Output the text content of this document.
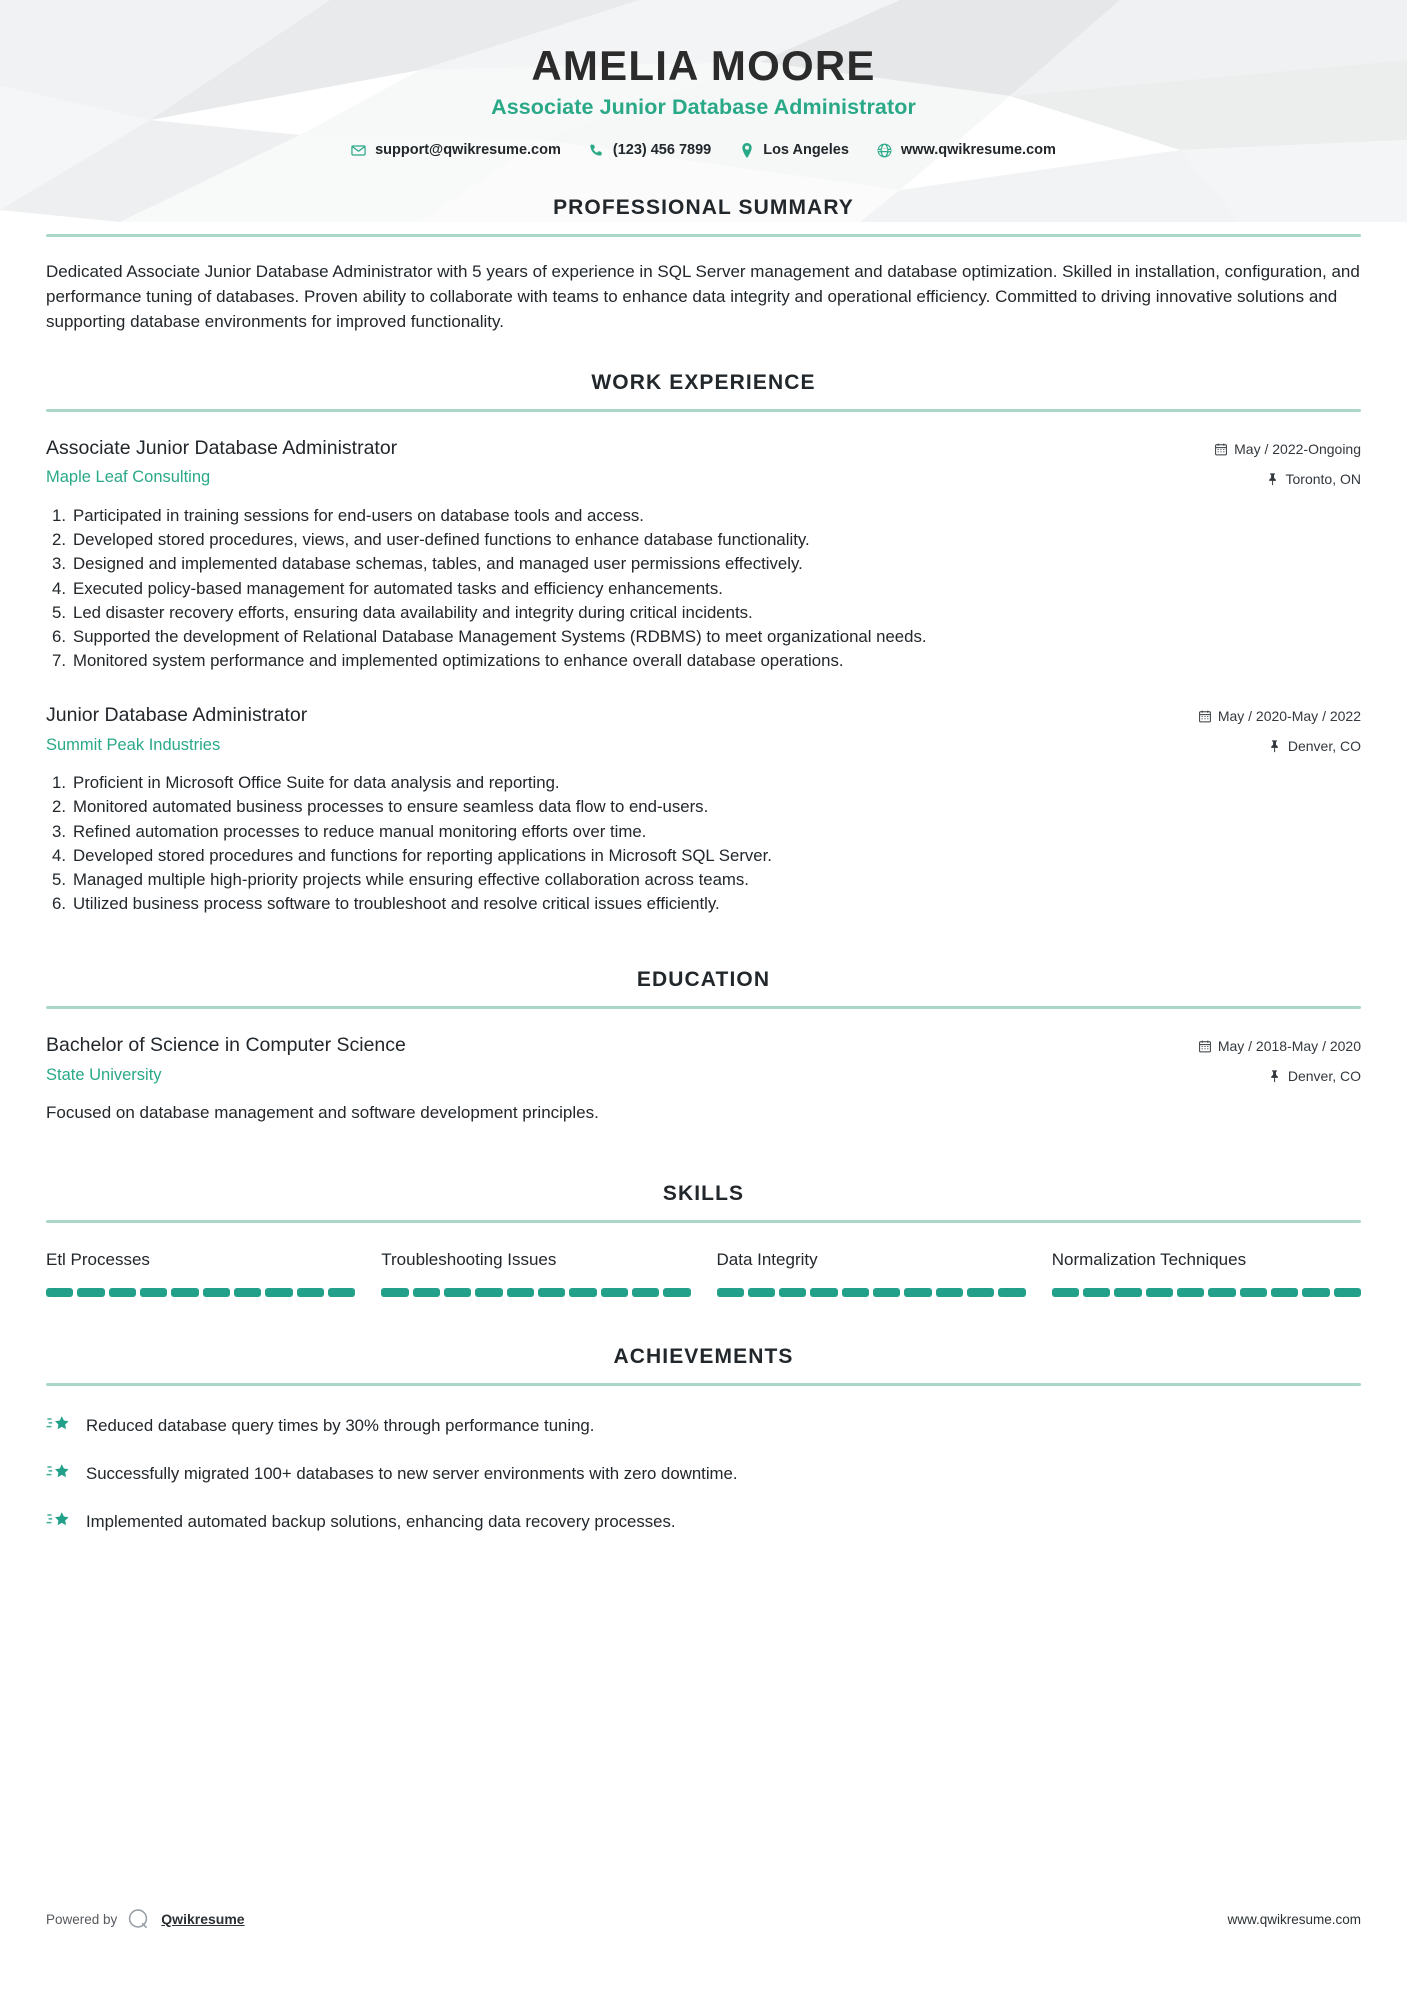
AMELIA MOORE
Associate Junior Database Administrator
support@qwikresume.com	(123) 456 7899	Los Angeles	www.qwikresume.com
PROFESSIONAL SUMMARY

Dedicated Associate Junior Database Administrator with 5 years of experience in SQL Server management and database optimization. Skilled in installation, configuration, and performance tuning of databases. Proven ability to collaborate with teams to enhance data integrity and operational efficiency. Committed to driving innovative solutions and supporting database environments for improved functionality.

WORK EXPERIENCE
Associate Junior Database Administrator
Maple Leaf Consulting
May / 2022-Ongoing
Toronto, ON
1. Participated in training sessions for end-users on database tools and access.
2. Developed stored procedures, views, and user-defined functions to enhance database functionality.
3. Designed and implemented database schemas, tables, and managed user permissions effectively.
4. Executed policy-based management for automated tasks and efficiency enhancements.
5. Led disaster recovery efforts, ensuring data availability and integrity during critical incidents.
6. Supported the development of Relational Database Management Systems (RDBMS) to meet organizational needs.
7. Monitored system performance and implemented optimizations to enhance overall database operations.
Junior Database Administrator
Summit Peak Industries
May / 2020-May / 2022
Denver, CO
1. Proficient in Microsoft Office Suite for data analysis and reporting.
2. Monitored automated business processes to ensure seamless data flow to end-users.
3. Refined automation processes to reduce manual monitoring efforts over time.
4. Developed stored procedures and functions for reporting applications in Microsoft SQL Server.
5. Managed multiple high-priority projects while ensuring effective collaboration across teams.
6. Utilized business process software to troubleshoot and resolve critical issues efficiently.
EDUCATION
Bachelor of Science in Computer Science
State University
May / 2018-May / 2020
Denver, CO

Focused on database management and software development principles.

SKILLS
Etl Processes	Troubleshooting Issues	Data Integrity	Normalization Techniques
ACHIEVEMENTS
Reduced database query times by 30% through performance tuning.
Successfully migrated 100+ databases to new server environments with zero downtime.
Implemented automated backup solutions, enhancing data recovery processes.
Powered by	Qwikresume	www.qwikresume.com
